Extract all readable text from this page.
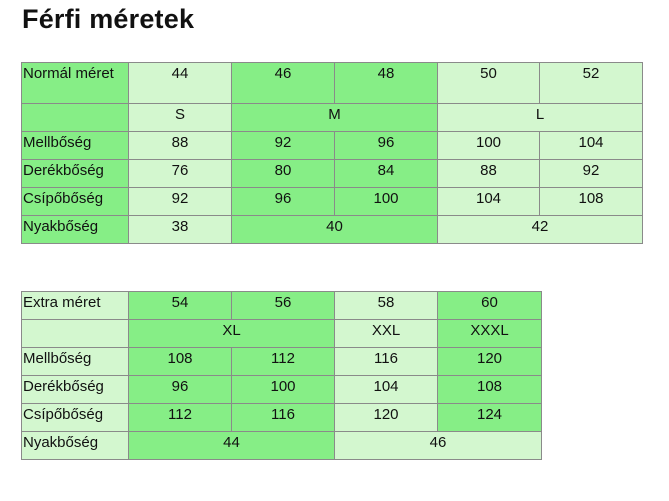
Férfi méretek
Normál méret	44	46	48	50	52
	S	M		L	
Mellbőség	88	92	96	100	104
Derékbőség	76	80	84	88	92
Csípőbőség	92	96	100	104	108
Nyakbőség	38	40		42	
Extra méret	54	56	58	60
	XL		XXL	XXXL
Mellbőség	108	112	116	120
Derékbőség	96	100	104	108
Csípőbőség	112	116	120	124
Nyakbőség	44		46	
